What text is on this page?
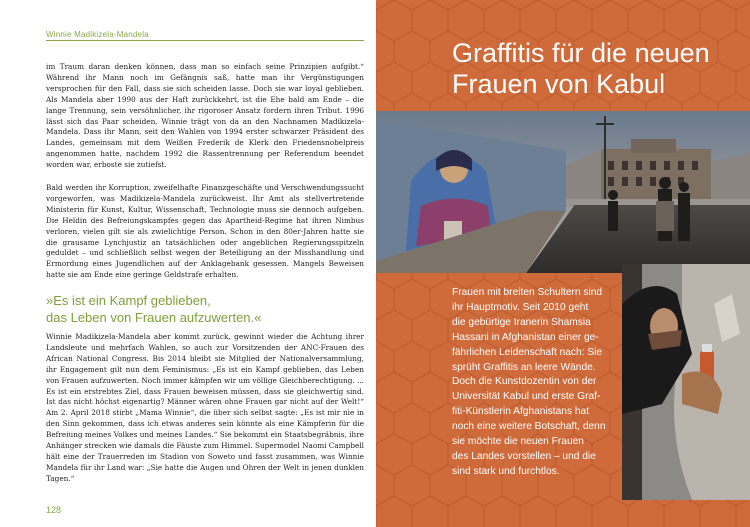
Winnie Madikizela-Mandela

im Traum daran denken können, dass man so einfach seine Prinzipien aufgibt.“ Während ihr Mann noch im Gefängnis saß, hatte man ihr Vergünstigungen versprochen für den Fall, dass sie sich scheiden lasse. Doch sie war loyal geblieben. Als Mandela aber 1990 aus der Haft zurückkehrt, ist die Ehe bald am Ende – die lange Trennung, sein versöhnlicher, ihr rigoroser Ansatz fordern ihren Tribut. 1996 lässt sich das Paar scheiden, Winnie trägt von da an den Nachnamen Madikizela-Mandela. Dass ihr Mann, seit den Wahlen von 1994 erster schwarzer Präsident des Landes, gemeinsam mit dem Weißen Frederik de Klerk den Friedensnobelpreis angenommen hatte, nachdem 1992 die Rassentrennung per Referendum beendet worden war, erboste sie zutiefst.

Bald werden ihr Korruption, zweifelhafte Finanzgeschäfte und Verschwendungssucht vorgeworfen, was Madikizela-Mandela zurückweist. Ihr Amt als stellvertretende Ministerin für Kunst, Kultur, Wissenschaft, Technologie muss sie dennoch aufgeben. Die Heldin des Befreiungskampfes gegen das Apartheid-Regime hat ihren Nimbus verloren, vielen gilt sie als zwielichtige Person. Schon in den 80er-Jahren hatte sie die grausame Lynchjustiz an tatsächlichen oder angeblichen Regierungsspitzeln geduldet – und schließlich selbst wegen der Beteiligung an der Misshandlung und Ermordung eines Jugendlichen auf der Anklagebank gesessen. Mangels Beweisen hatte sie am Ende eine geringe Geldstrafe erhalten.

»Es ist ein Kampf geblieben,
das Leben von Frauen aufzuwerten.«

Winnie Madikizela-Mandela aber kommt zurück, gewinnt wieder die Achtung ihrer Landsleute und mehrfach Wahlen, so auch zur Vorsitzenden der ANC-Frauen des African National Congress. Bis 2014 bleibt sie Mitglied der Nationalversammlung, ihr Engagement gilt nun dem Feminismus: „Es ist ein Kampf geblieben, das Leben von Frauen aufzuwerten. Noch immer kämpfen wir um völlige Gleichberechtigung. ... Es ist ein erstrebtes Ziel, dass Frauen beweisen müssen, dass sie gleichwertig sind. Ist das nicht höchst eigenartig? Männer wären ohne Frauen gar nicht auf der Welt!“ Am 2. April 2018 stirbt „Mama Winnie“, die über sich selbst sagte: „Es ist mir nie in den Sinn gekommen, dass ich etwas anderes sein könnte als eine Kämpferin für die Befreiung meines Volkes und meines Landes.“ Sie bekommt ein Staatsbegräbnis, ihre Anhänger strecken wie damals die Fäuste zum Himmel. Supermodel Naomi Campbell hält eine der Trauerreden im Stadion von Soweto und fasst zusammen, was Winnie Mandela für ihr Land war: „Sie hatte die Augen und Ohren der Welt in jenen dunklen Tagen.“

128
Graffitis für die neuen
Frauen von Kabul
Frauen mit breiten Schultern sind
ihr Hauptmotiv. Seit 2010 geht
die gebürtige Iranerin Shamsia
Hassani in Afghanistan einer ge-
fährlichen Leidenschaft nach: Sie
sprüht Graffitis an leere Wände.
Doch die Kunstdozentin von der
Universität Kabul und erste Graf-
fiti-Künstlerin Afghanistans hat
noch eine weitere Botschaft, denn
sie möchte die neuen Frauen
des Landes vorstellen – und die
sind stark und furchtlos.
